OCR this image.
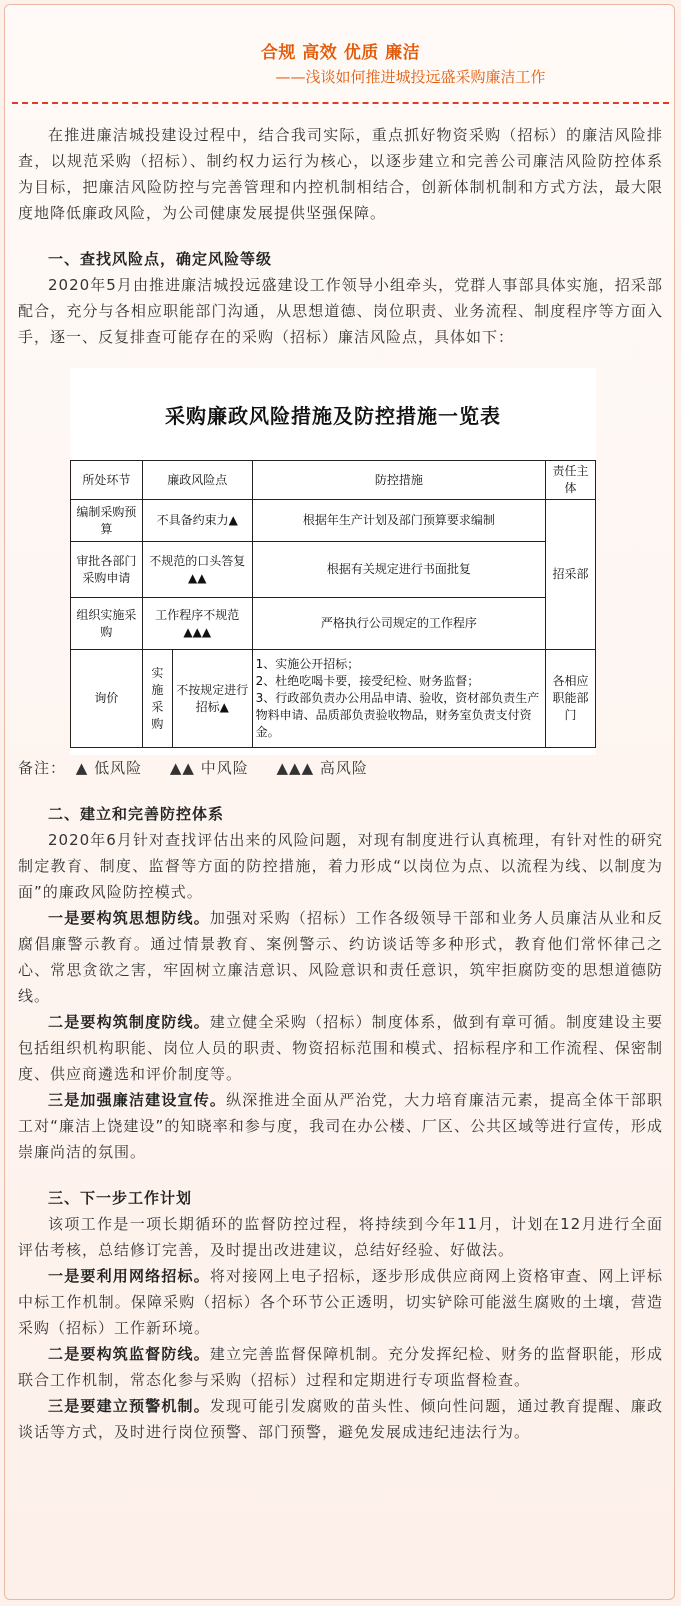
合规 高效 优质 廉洁
——浅谈如何推进城投远盛采购廉洁工作

在推进廉洁城投建设过程中，结合我司实际，重点抓好物资采购（招标）的廉洁风险排查，以规范采购（招标）、制约权力运行为核心，以逐步建立和完善公司廉洁风险防控体系为目标，把廉洁风险防控与完善管理和内控机制相结合，创新体制机制和方式方法，最大限度地降低廉政风险，为公司健康发展提供坚强保障。

一、查找风险点，确定风险等级

2020年5月由推进廉洁城投远盛建设工作领导小组牵头，党群人事部具体实施，招采部配合，充分与各相应职能部门沟通，从思想道德、岗位职责、业务流程、制度程序等方面入手，逐一、反复排查可能存在的采购（招标）廉洁风险点，具体如下：

采购廉政风险措施及防控措施一览表
所处环节	廉政风险点		防控措施	责任主体
编制采购预算	不具备约束力▲		根据年生产计划及部门预算要求编制	招采部
审批各部门采购申请	不规范的口头答复▲▲		根据有关规定进行书面批复	
组织实施采购	工作程序不规范▲▲▲		严格执行公司规定的工作程序	
询价	实施采购	不按规定进行招标▲	1、实施公开招标；
2、杜绝吃喝卡要，接受纪检、财务监督；
3、行政部负责办公用品申请、验收，资材部负责生产物料申请、品质部负责验收物品，财务室负责支付资金。	各相应职能部门

备注： ▲ 低风险 ▲▲ 中风险 ▲▲▲ 高风险

二、建立和完善防控体系

2020年6月针对查找评估出来的风险问题，对现有制度进行认真梳理，有针对性的研究制定教育、制度、监督等方面的防控措施，着力形成“以岗位为点、以流程为线、以制度为面”的廉政风险防控模式。

一是要构筑思想防线。加强对采购（招标）工作各级领导干部和业务人员廉洁从业和反腐倡廉警示教育。通过情景教育、案例警示、约访谈话等多种形式，教育他们常怀律己之心、常思贪欲之害，牢固树立廉洁意识、风险意识和责任意识，筑牢拒腐防变的思想道德防线。

二是要构筑制度防线。建立健全采购（招标）制度体系，做到有章可循。制度建设主要包括组织机构职能、岗位人员的职责、物资招标范围和模式、招标程序和工作流程、保密制度、供应商遴选和评价制度等。

三是加强廉洁建设宣传。纵深推进全面从严治党，大力培育廉洁元素，提高全体干部职工对“廉洁上饶建设”的知晓率和参与度，我司在办公楼、厂区、公共区域等进行宣传，形成崇廉尚洁的氛围。

三、下一步工作计划

该项工作是一项长期循环的监督防控过程，将持续到今年11月，计划在12月进行全面评估考核，总结修订完善，及时提出改进建议，总结好经验、好做法。

一是要利用网络招标。将对接网上电子招标，逐步形成供应商网上资格审查、网上评标中标工作机制。保障采购（招标）各个环节公正透明，切实铲除可能滋生腐败的土壤，营造采购（招标）工作新环境。

二是要构筑监督防线。建立完善监督保障机制。充分发挥纪检、财务的监督职能，形成联合工作机制，常态化参与采购（招标）过程和定期进行专项监督检查。

三是要建立预警机制。发现可能引发腐败的苗头性、倾向性问题，通过教育提醒、廉政谈话等方式，及时进行岗位预警、部门预警，避免发展成违纪违法行为。
